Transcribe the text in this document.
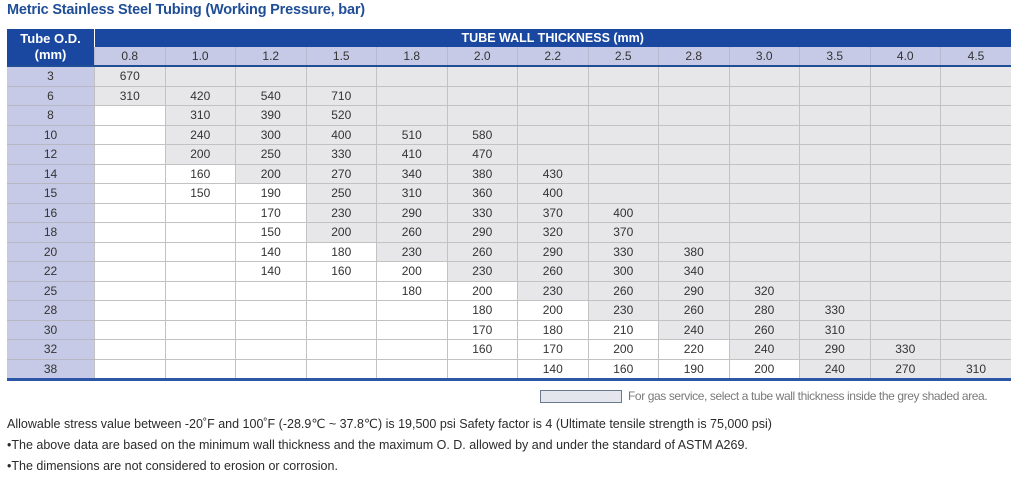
Metric Stainless Steel Tubing (Working Pressure, bar)
Tube O.D.
(mm)	TUBE WALL THICKNESS (mm)												
	0.8	1.0	1.2	1.5	1.8	2.0	2.2	2.5	2.8	3.0	3.5	4.0	4.5
3	670												
6	310	420	540	710									
8		310	390	520									
10		240	300	400	510	580							
12		200	250	330	410	470							
14		160	200	270	340	380	430						
15		150	190	250	310	360	400						
16			170	230	290	330	370	400					
18			150	200	260	290	320	370					
20			140	180	230	260	290	330	380				
22			140	160	200	230	260	300	340				
25					180	200	230	260	290	320			
28						180	200	230	260	280	330		
30						170	180	210	240	260	310		
32						160	170	200	220	240	290	330	
38							140	160	190	200	240	270	310
For gas service, select a tube wall thickness inside the grey shaded area.
Allowable stress value between -20˚F and 100˚F (-28.9℃ ~ 37.8℃) is 19,500 psi Safety factor is 4 (Ultimate tensile strength is 75,000 psi)
•The above data are based on the minimum wall thickness and the maximum O. D. allowed by and under the standard of ASTM A269.
•The dimensions are not considered to erosion or corrosion.
